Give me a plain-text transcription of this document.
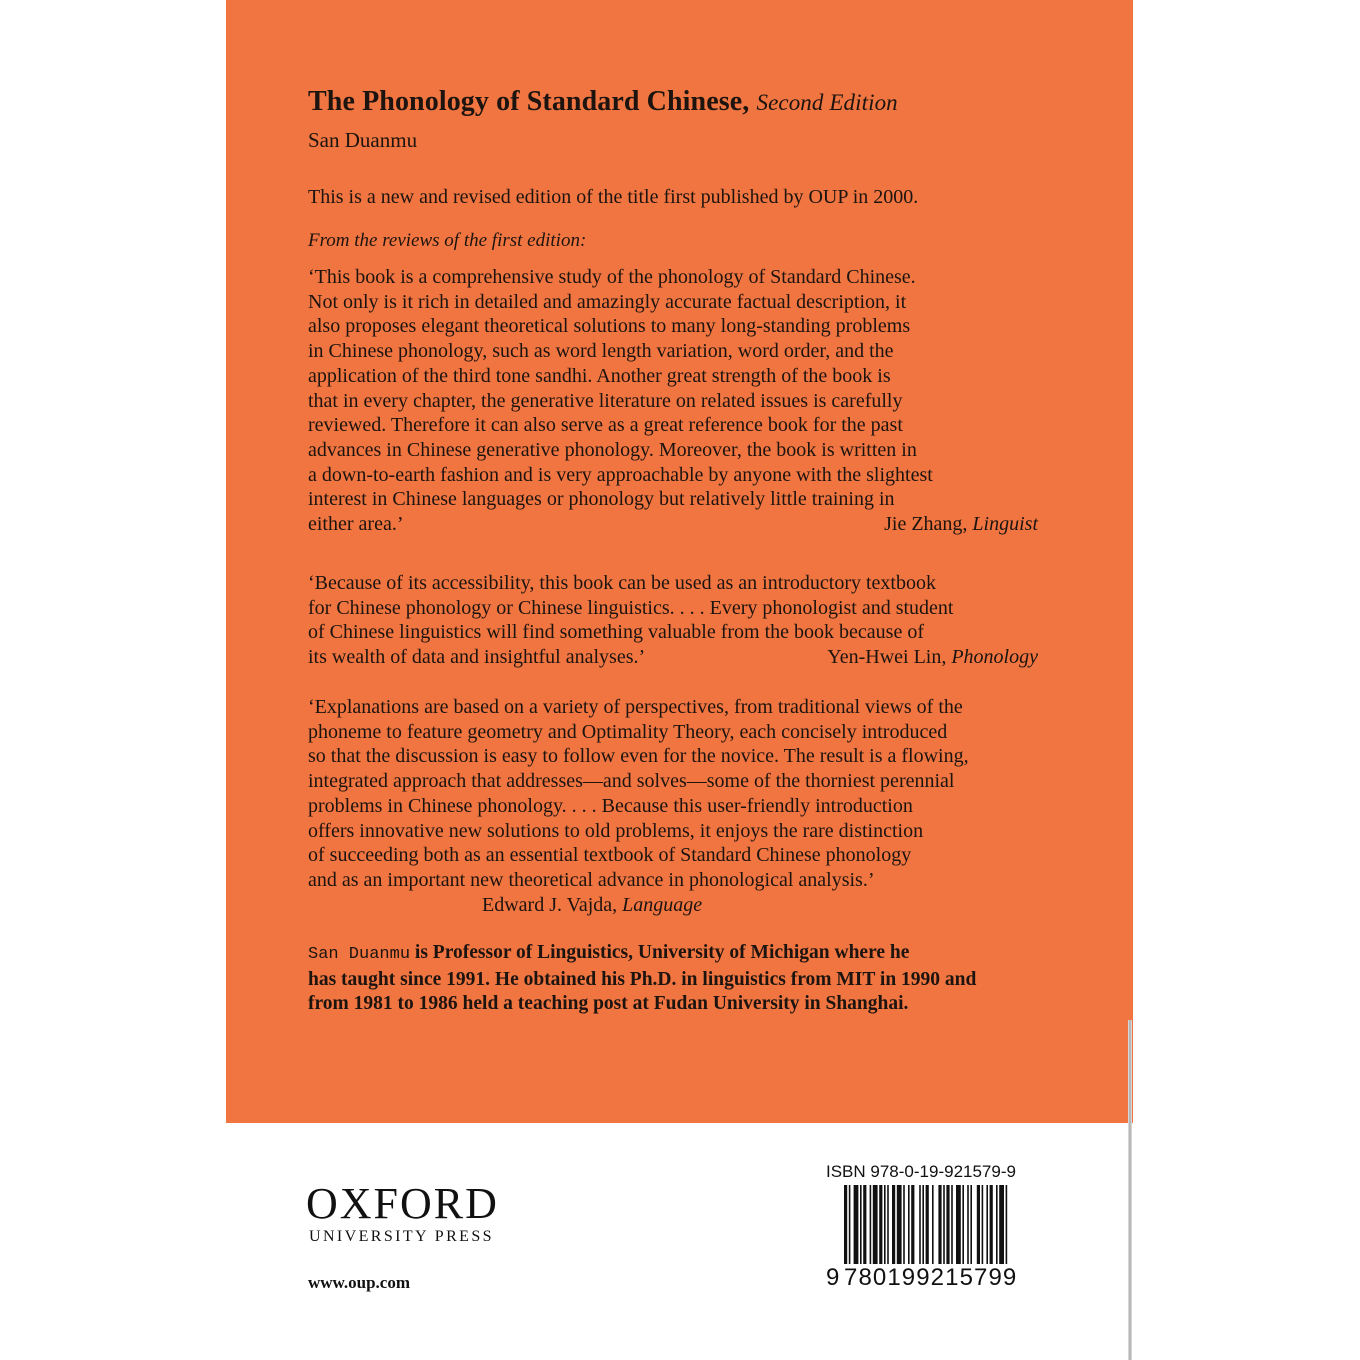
The Phonology of Standard Chinese, Second Edition
San Duanmu
This is a new and revised edition of the title first published by OUP in 2000.
From the reviews of the first edition:

‘This book is a comprehensive study of the phonology of Standard Chinese.

Not only is it rich in detailed and amazingly accurate factual description, it

also proposes elegant theoretical solutions to many long-standing problems

in Chinese phonology, such as word length variation, word order, and the

application of the third tone sandhi. Another great strength of the book is

that in every chapter, the generative literature on related issues is carefully

reviewed. Therefore it can also serve as a great reference book for the past

advances in Chinese generative phonology. Moreover, the book is written in

a down-to-earth fashion and is very approachable by anyone with the slightest

interest in Chinese languages or phonology but relatively little training in

either area.’	Jie Zhang, Linguist

‘Because of its accessibility, this book can be used as an introductory textbook

for Chinese phonology or Chinese linguistics. . . . Every phonologist and student

of Chinese linguistics will find something valuable from the book because of

its wealth of data and insightful analyses.’	Yen-Hwei Lin, Phonology

‘Explanations are based on a variety of perspectives, from traditional views of the

phoneme to feature geometry and Optimality Theory, each concisely introduced

so that the discussion is easy to follow even for the novice. The result is a flowing,

integrated approach that addresses—and solves—some of the thorniest perennial

problems in Chinese phonology. . . . Because this user-friendly introduction

offers innovative new solutions to old problems, it enjoys the rare distinction

of succeeding both as an essential textbook of Standard Chinese phonology

and as an important new theoretical advance in phonological analysis.’

Edward J. Vajda, Language

San Duanmu is Professor of Linguistics, University of Michigan where he

has taught since 1991. He obtained his Ph.D. in linguistics from MIT in 1990 and

from 1981 to 1986 held a teaching post at Fudan University in Shanghai.

OXFORD
UNIVERSITY PRESS
www.oup.com
ISBN 978-0-19-921579-9
780199215799
9
